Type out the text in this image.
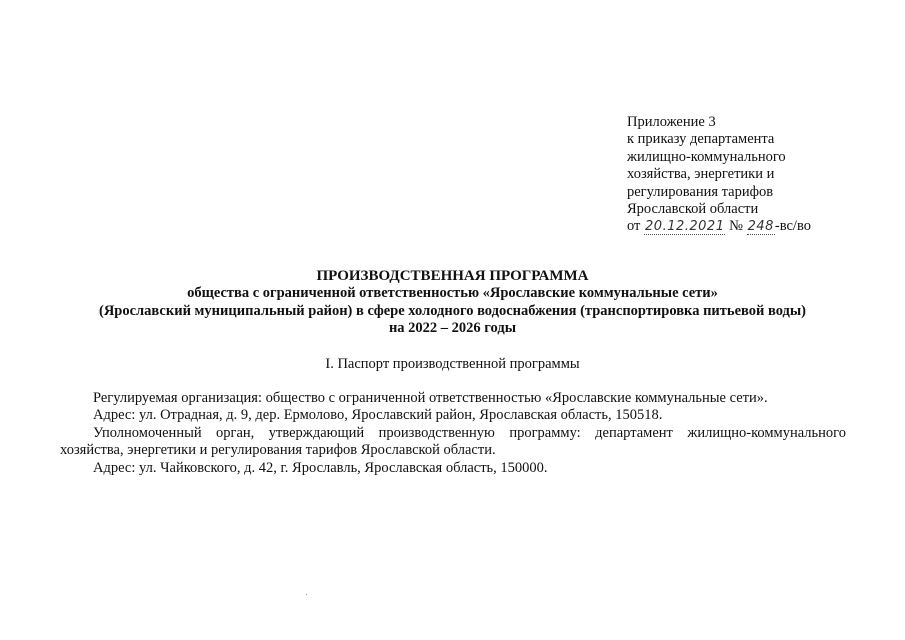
Приложение 3
к приказу департамента
жилищно-коммунального
хозяйства, энергетики и
регулирования тарифов
Ярославской области
от 20.12.2021 № 248-вс/во
ПРОИЗВОДСТВЕННАЯ ПРОГРАММА
общества с ограниченной ответственностью «Ярославские коммунальные сети»
(Ярославский муниципальный район) в сфере холодного водоснабжения (транспортировка питьевой воды)
на 2022 – 2026 годы
I. Паспорт производственной программы

Регулируемая организация: общество с ограниченной ответственностью «Ярославские коммунальные сети».

Адрес: ул. Отрадная, д. 9, дер. Ермолово, Ярославский район, Ярославская область, 150518.

Уполномоченный орган, утверждающий производственную программу: департамент жилищно-коммунального хозяйства, энергетики и регулирования тарифов Ярославской области.

Адрес: ул. Чайковского, д. 42, г. Ярославль, Ярославская область, 150000.
